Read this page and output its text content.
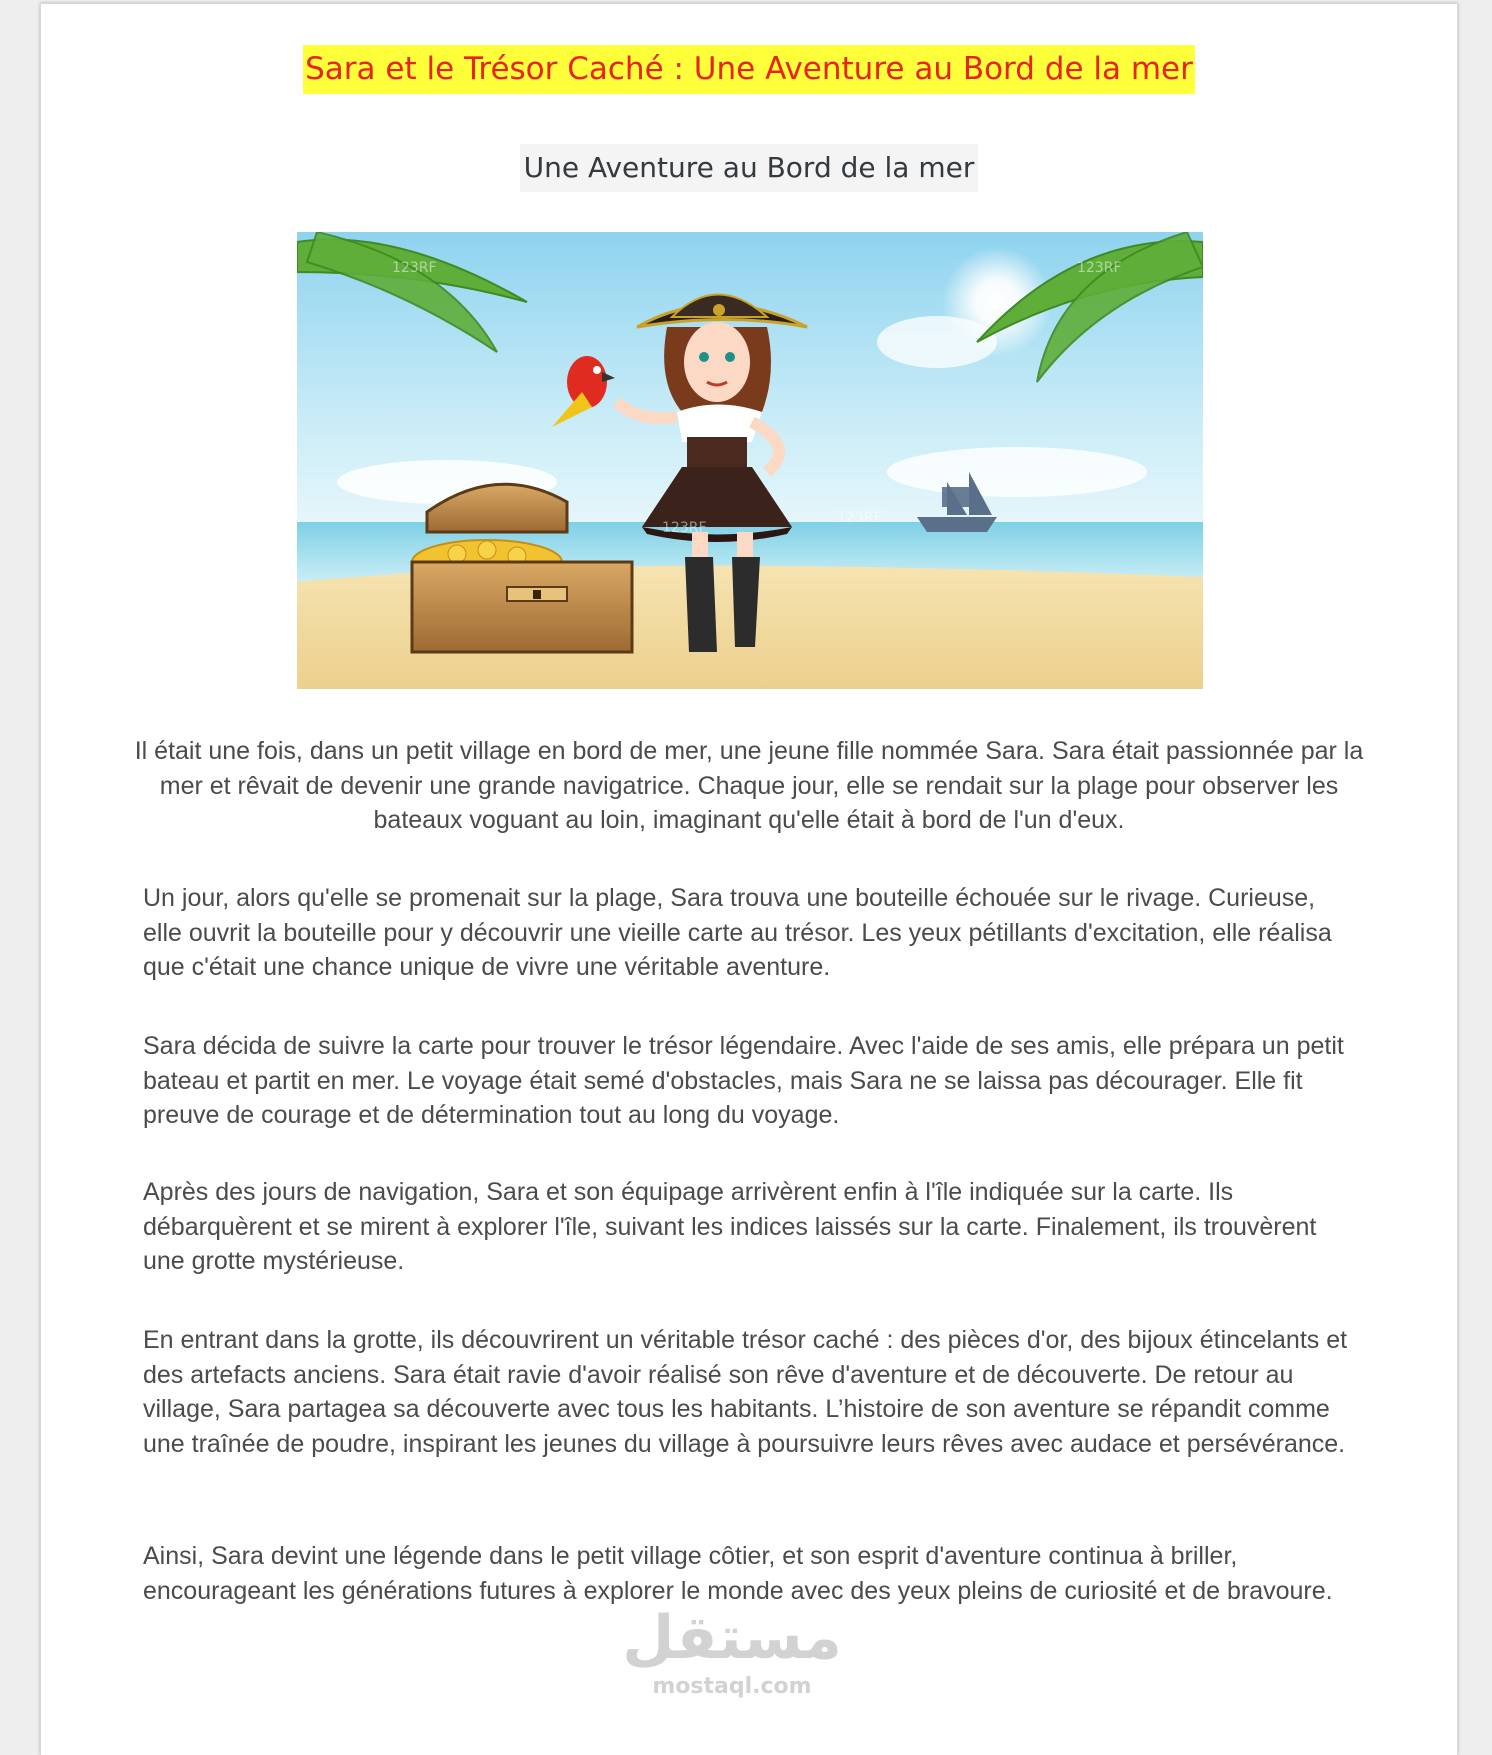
Sara et le Trésor Caché : Une Aventure au Bord de la mer
Une Aventure au Bord de la mer
123RF	123RF
123RF
123RF

Il était une fois, dans un petit village en bord de mer, une jeune fille nommée Sara. Sara était passionnée par la mer et rêvait de devenir une grande navigatrice. Chaque jour, elle se rendait sur la plage pour observer les bateaux voguant au loin, imaginant qu'elle était à bord de l'un d'eux.

Un jour, alors qu'elle se promenait sur la plage, Sara trouva une bouteille échouée sur le rivage. Curieuse, elle ouvrit la bouteille pour y découvrir une vieille carte au trésor. Les yeux pétillants d'excitation, elle réalisa que c'était une chance unique de vivre une véritable aventure.

Sara décida de suivre la carte pour trouver le trésor légendaire. Avec l'aide de ses amis, elle prépara un petit bateau et partit en mer. Le voyage était semé d'obstacles, mais Sara ne se laissa pas décourager. Elle fit preuve de courage et de détermination tout au long du voyage.

Après des jours de navigation, Sara et son équipage arrivèrent enfin à l'île indiquée sur la carte. Ils débarquèrent et se mirent à explorer l'île, suivant les indices laissés sur la carte. Finalement, ils trouvèrent une grotte mystérieuse.

En entrant dans la grotte, ils découvrirent un véritable trésor caché : des pièces d'or, des bijoux étincelants et des artefacts anciens. Sara était ravie d'avoir réalisé son rêve d'aventure et de découverte. De retour au village, Sara partagea sa découverte avec tous les habitants. L’histoire de son aventure se répandit comme une traînée de poudre, inspirant les jeunes du village à poursuivre leurs rêves avec audace et persévérance.

Ainsi, Sara devint une légende dans le petit village côtier, et son esprit d'aventure continua à briller, encourageant les générations futures à explorer le monde avec des yeux pleins de curiosité et de bravoure.

مستقل
mostaql.com
